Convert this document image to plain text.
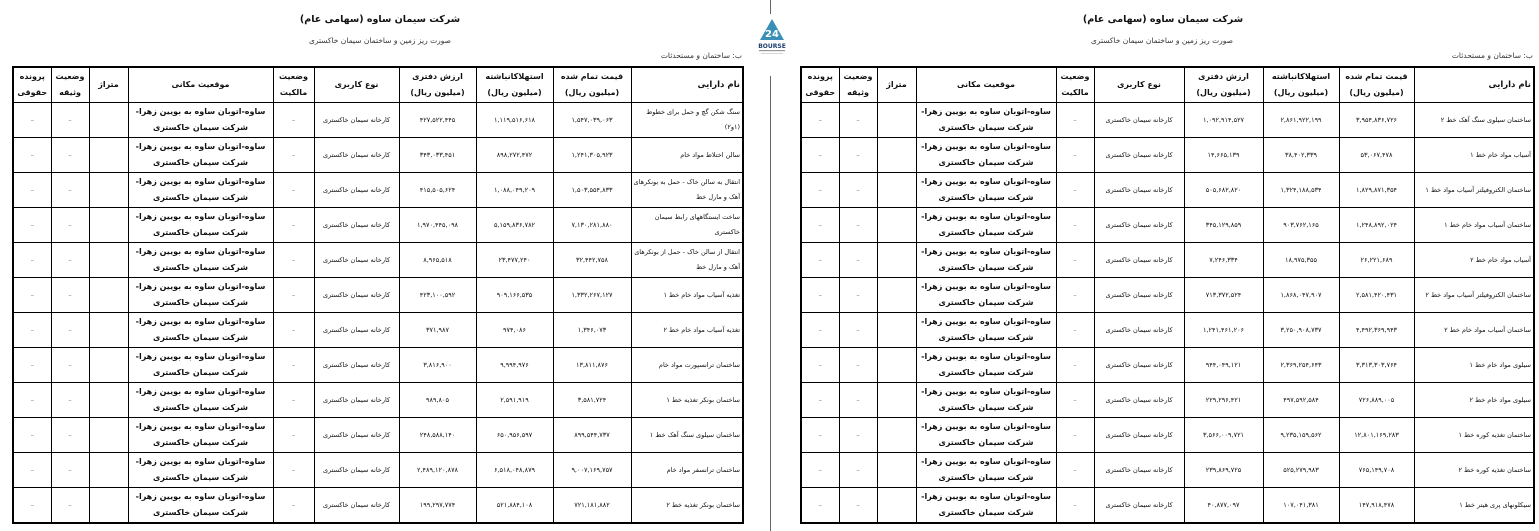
شرکت سیمان ساوه (سهامی عام)
صورت ریز زمین و ساختمان سیمان خاکستری
ب: ساختمان و مستحدثات
نام دارایی	قیمت تمام شده
(میلیون ریال)	استهلاکانباشته
(میلیون ریال)	ارزش دفتری
(میلیون ریال)	نوع کاربری	وضعیت
مالکیت	موقعیت مکانی	متراژ	وضعیت
وثیقه	پرونده
حقوقی
سنگ شکن گچ و حمل برای خطوط (۱و۲)	۱,۵۴۷,۰۳۹,۰۶۳	۱,۱۱۹,۵۱۶,۶۱۸	۴۲۷,۵۲۲,۴۴۵	کارخانه سیمان خاکستری	–	ساوه-اتوبان ساوه به بویین زهرا-
شرکت سیمان خاکستری		–	–
سالن اختلاط مواد خام	۱,۲۴۱,۳۰۵,۹۲۳	۸۹۸,۲۷۲,۴۷۲	۳۴۳,۰۳۳,۴۵۱	کارخانه سیمان خاکستری	–	ساوه-اتوبان ساوه به بویین زهرا-
شرکت سیمان خاکستری		–	–
انتقال به سالن خاک - حمل به بونکرهای آهک و مارل خط	۱,۵۰۳,۵۵۴,۸۳۳	۱,۰۸۸,۰۴۹,۲۰۹	۴۱۵,۵۰۵,۶۲۴	کارخانه سیمان خاکستری	–	ساوه-اتوبان ساوه به بویین زهرا-
شرکت سیمان خاکستری		–	–
ساخت ایستگاههای رابط سیمان خاکستری	۷,۱۳۰,۲۸۱,۸۸۰	۵,۱۵۹,۸۳۶,۷۸۲	۱,۹۷۰,۴۴۵,۰۹۸	کارخانه سیمان خاکستری	–	ساوه-اتوبان ساوه به بویین زهرا-
شرکت سیمان خاکستری		–	–
انتقال از سالن خاک - حمل از بونکرهای آهک و مارل خط	۳۲,۴۴۲,۷۵۸	۲۳,۴۷۷,۲۴۰	۸,۹۶۵,۵۱۸	کارخانه سیمان خاکستری	–	ساوه-اتوبان ساوه به بویین زهرا-
شرکت سیمان خاکستری		–	–
تغذیه آسیاب مواد خام خط ۱	۱,۳۳۲,۲۶۷,۱۲۷	۹۰۹,۱۶۶,۵۳۵	۴۲۳,۱۰۰,۵۹۲	کارخانه سیمان خاکستری	–	ساوه-اتوبان ساوه به بویین زهرا-
شرکت سیمان خاکستری		–	–
تغذیه آسیاب مواد خام خط ۲	۱,۳۴۶,۰۷۳	۹۷۴,۰۸۶	۳۷۱,۹۸۷	کارخانه سیمان خاکستری	–	ساوه-اتوبان ساوه به بویین زهرا-
شرکت سیمان خاکستری		–	–
ساختمان ترانسپورت مواد خام	۱۳,۸۱۱,۸۷۶	۹,۹۹۴,۹۷۶	۳,۸۱۶,۹۰۰	کارخانه سیمان خاکستری	–	ساوه-اتوبان ساوه به بویین زهرا-
شرکت سیمان خاکستری		–	–
ساختمان بونکر تغذیه خط ۱	۳,۵۸۱,۷۲۴	۲,۵۹۱,۹۱۹	۹۸۹,۸۰۵	کارخانه سیمان خاکستری	–	ساوه-اتوبان ساوه به بویین زهرا-
شرکت سیمان خاکستری		–	–
ساختمان سیلوی سنگ آهک خط ۱	۸۹۹,۵۴۴,۷۳۷	۶۵۰,۹۵۶,۵۹۷	۲۴۸,۵۸۸,۱۴۰	کارخانه سیمان خاکستری	–	ساوه-اتوبان ساوه به بویین زهرا-
شرکت سیمان خاکستری		–	–
ساختمان ترانسفر مواد خام	۹,۰۰۷,۱۶۹,۷۵۷	۶,۵۱۸,۰۴۸,۸۷۹	۲,۴۸۹,۱۲۰,۸۷۸	کارخانه سیمان خاکستری	–	ساوه-اتوبان ساوه به بویین زهرا-
شرکت سیمان خاکستری		–	–
ساختمان بونکر تغذیه خط ۲	۷۲۱,۱۸۱,۸۸۲	۵۲۱,۸۸۴,۱۰۸	۱۹۹,۲۹۷,۷۷۴	کارخانه سیمان خاکستری	–	ساوه-اتوبان ساوه به بویین زهرا-
شرکت سیمان خاکستری		–	–
24
BOURSE
شرکت سیمان ساوه (سهامی عام)
صورت ریز زمین و ساختمان سیمان خاکستری
ب: ساختمان و مستحدثات
نام دارایی	قیمت تمام شده
(میلیون ریال)	استهلاکانباشته
(میلیون ریال)	ارزش دفتری
(میلیون ریال)	نوع کاربری	وضعیت
مالکیت	موقعیت مکانی	متراژ	وضعیت
وثیقه	پرونده
حقوقی
ساختمان سیلوی سنگ آهک خط ۲	۳,۹۵۴,۸۳۶,۷۲۶	۲,۸۶۱,۹۲۲,۱۹۹	۱,۰۹۲,۹۱۴,۵۲۷	کارخانه سیمان خاکستری	–	ساوه-اتوبان ساوه به بویین زهرا-
شرکت سیمان خاکستری		–	–
آسیاب مواد خام خط ۱	۵۳,۰۶۷,۴۷۸	۳۸,۴۰۲,۳۳۹	۱۴,۶۶۵,۱۳۹	کارخانه سیمان خاکستری	–	ساوه-اتوبان ساوه به بویین زهرا-
شرکت سیمان خاکستری		–	–
ساختمان الکتروفیلتر آسیاب مواد خط ۱	۱,۸۲۹,۸۷۱,۳۵۴	۱,۳۲۴,۱۸۸,۵۳۴	۵۰۵,۶۸۲,۸۲۰	کارخانه سیمان خاکستری	–	ساوه-اتوبان ساوه به بویین زهرا-
شرکت سیمان خاکستری		–	–
ساختمان آسیاب مواد خام خط ۱	۱,۲۴۸,۸۹۲,۰۲۴	۹۰۳,۷۶۲,۱۶۵	۳۴۵,۱۲۹,۸۵۹	کارخانه سیمان خاکستری	–	ساوه-اتوبان ساوه به بویین زهرا-
شرکت سیمان خاکستری		–	–
آسیاب مواد خام خط ۲	۲۶,۲۲۱,۶۸۹	۱۸,۹۷۵,۳۵۵	۷,۲۴۶,۳۳۴	کارخانه سیمان خاکستری	–	ساوه-اتوبان ساوه به بویین زهرا-
شرکت سیمان خاکستری		–	–
ساختمان الکتروفیلتر آسیاب مواد خط ۲	۲,۵۸۱,۴۲۰,۴۳۱	۱,۸۶۸,۰۴۷,۹۰۷	۷۱۳,۳۷۲,۵۲۴	کارخانه سیمان خاکستری	–	ساوه-اتوبان ساوه به بویین زهرا-
شرکت سیمان خاکستری		–	–
ساختمان آسیاب مواد خام خط ۲	۴,۴۹۲,۳۶۹,۹۴۳	۳,۲۵۰,۹۰۸,۷۳۷	۱,۲۴۱,۴۶۱,۲۰۶	کارخانه سیمان خاکستری	–	ساوه-اتوبان ساوه به بویین زهرا-
شرکت سیمان خاکستری		–	–
سیلوی مواد خام خط ۱	۳,۳۱۳,۳۰۳,۷۶۴	۲,۳۶۹,۲۵۴,۶۴۳	۹۴۴,۰۴۹,۱۲۱	کارخانه سیمان خاکستری	–	ساوه-اتوبان ساوه به بویین زهرا-
شرکت سیمان خاکستری		–	–
سیلوی مواد خام خط ۲	۷۲۶,۸۸۹,۰۰۵	۴۹۷,۵۹۲,۵۸۴	۲۲۹,۲۹۶,۴۲۱	کارخانه سیمان خاکستری	–	ساوه-اتوبان ساوه به بویین زهرا-
شرکت سیمان خاکستری		–	–
ساختمان تغذیه کوره خط ۱	۱۲,۸۰۱,۱۶۹,۲۸۳	۹,۲۳۵,۱۵۹,۵۶۲	۳,۵۶۶,۰۰۹,۷۲۱	کارخانه سیمان خاکستری	–	ساوه-اتوبان ساوه به بویین زهرا-
شرکت سیمان خاکستری		–	–
ساختمان تغذیه کوره خط ۲	۷۶۵,۱۴۹,۷۰۸	۵۲۵,۲۷۹,۹۸۳	۲۳۹,۸۶۹,۷۲۵	کارخانه سیمان خاکستری	–	ساوه-اتوبان ساوه به بویین زهرا-
شرکت سیمان خاکستری		–	–
سیکلونهای پری هیتر خط ۱	۱۴۷,۹۱۸,۴۷۸	۱۰۷,۰۴۱,۳۸۱	۴۰,۸۷۷,۰۹۷	کارخانه سیمان خاکستری	–	ساوه-اتوبان ساوه به بویین زهرا-
شرکت سیمان خاکستری		–	–
